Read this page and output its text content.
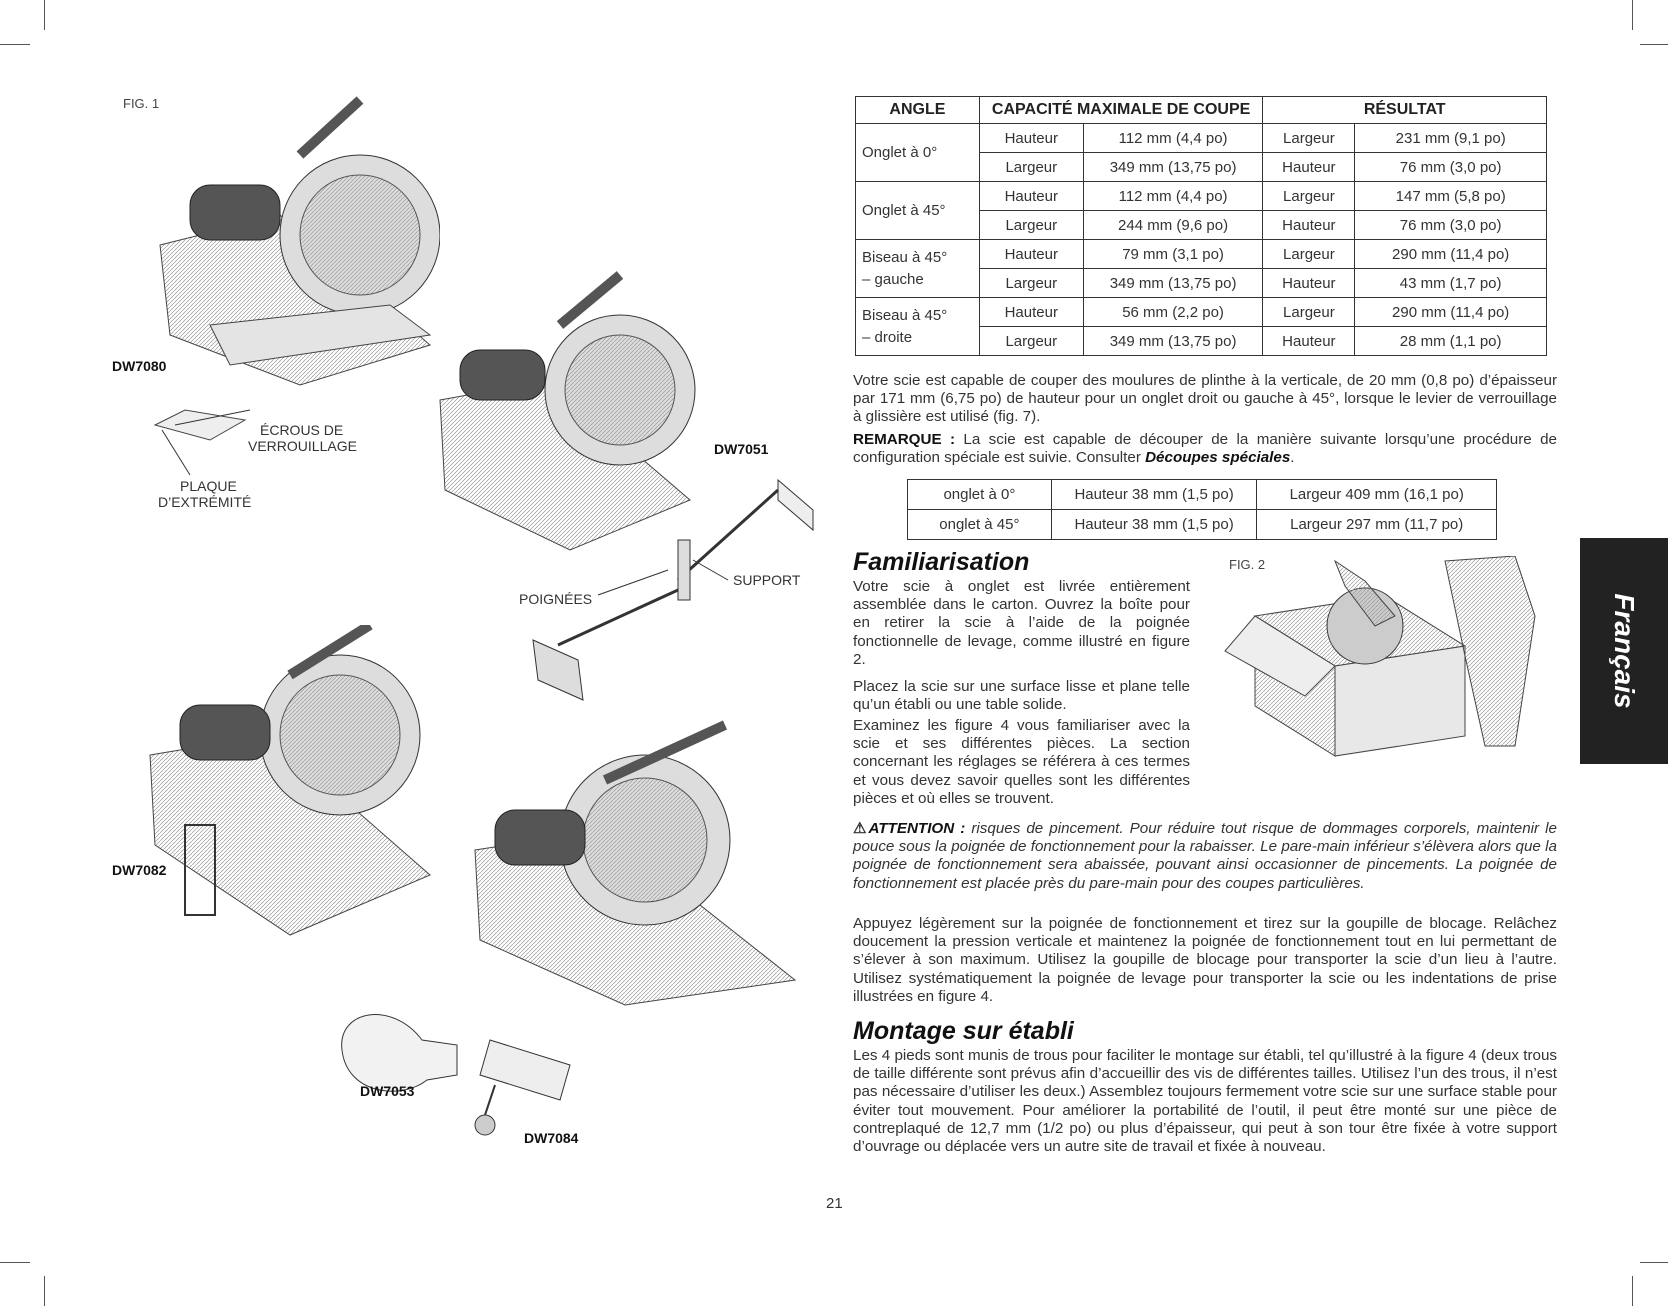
FIG. 1
DW7080
ÉCROUS DE
VERROUILLAGE
PLAQUE
D’EXTRÉMITÉ
DW7051
SUPPORT
POIGNÉES
DW7082
DW7053
DW7084
ANGLE	CAPACITÉ MAXIMALE DE COUPE		RÉSULTAT	
Onglet à 0°	Hauteur	112 mm (4,4 po)	Largeur	231 mm (9,1 po)
	Largeur	349 mm (13,75 po)	Hauteur	76 mm (3,0 po)
Onglet à 45°	Hauteur	112 mm (4,4 po)	Largeur	147 mm (5,8 po)
	Largeur	244 mm (9,6 po)	Hauteur	76 mm (3,0 po)
Biseau à 45°
– gauche	Hauteur	79 mm (3,1 po)	Largeur	290 mm (11,4 po)
	Largeur	349 mm (13,75 po)	Hauteur	43 mm (1,7 po)
Biseau à 45°
– droite	Hauteur	56 mm (2,2 po)	Largeur	290 mm (11,4 po)
	Largeur	349 mm (13,75 po)	Hauteur	28 mm (1,1 po)
Votre scie est capable de couper des moulures de plinthe à la verticale, de 20 mm (0,8 po) d’épaisseur par 171 mm (6,75 po) de hauteur pour un onglet droit ou gauche à 45°, lorsque le levier de verrouillage à glissière est utilisé (fig. 7).
REMARQUE : La scie est capable de découper de la manière suivante lorsqu’une procédure de configuration spéciale est suivie. Consulter Découpes spéciales.
onglet à 0°	Hauteur 38 mm (1,5 po)	Largeur 409 mm (16,1 po)
onglet à 45°	Hauteur 38 mm (1,5 po)	Largeur 297 mm (11,7 po)
Familiarisation	FIG. 2
Votre scie à onglet est livrée entièrement assemblée dans le carton. Ouvrez la boîte pour en retirer la scie à l’aide de la poignée fonctionnelle de levage, comme illustré en figure 2.
Placez la scie sur une surface lisse et plane telle qu’un établi ou une table solide.
Examinez les figure 4 vous familiariser avec la scie et ses différentes pièces. La section concernant les réglages se référera à ces termes et vous devez savoir quelles sont les différentes pièces et où elles se trouvent.
⚠ATTENTION : risques de pincement. Pour réduire tout risque de dommages corporels, maintenir le pouce sous la poignée de fonctionnement pour la rabaisser. Le pare-main inférieur s’élèvera alors que la poignée de fonctionnement sera abaissée, pouvant ainsi occasionner de pincements. La poignée de fonctionnement est placée près du pare-main pour des coupes particulières.
Appuyez légèrement sur la poignée de fonctionnement et tirez sur la goupille de blocage. Relâchez doucement la pression verticale et maintenez la poignée de fonctionnement tout en lui permettant de s’élever à son maximum. Utilisez la goupille de blocage pour transporter la scie d’un lieu à l’autre. Utilisez systématiquement la poignée de levage pour transporter la scie ou les indentations de prise illustrées en figure 4.
Montage sur établi
Les 4 pieds sont munis de trous pour faciliter le montage sur établi, tel qu’illustré à la figure 4 (deux trous de taille différente sont prévus afin d’accueillir des vis de différentes tailles. Utilisez l’un des trous, il n’est pas nécessaire d’utiliser les deux.) Assemblez toujours fermement votre scie sur une surface stable pour éviter tout mouvement. Pour améliorer la portabilité de l’outil, il peut être monté sur une pièce de contreplaqué de 12,7 mm (1/2 po) ou plus d’épaisseur, qui peut à son tour être fixée à votre support d’ouvrage ou déplacée vers un autre site de travail et fixée à nouveau.
Français
21
